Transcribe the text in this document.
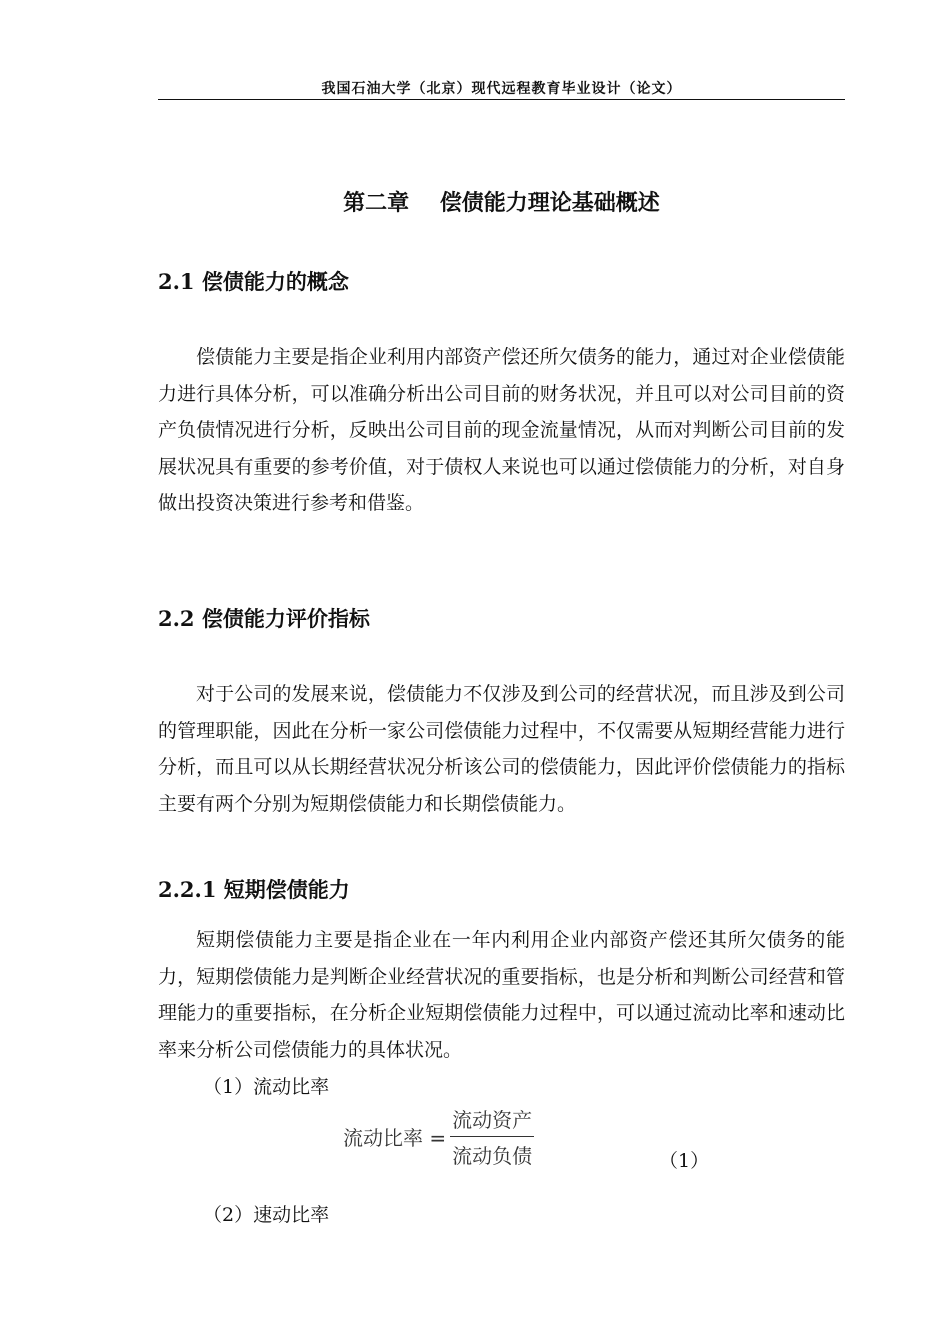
我国石油大学（北京）现代远程教育毕业设计（论文）
第二章    偿债能力理论基础概述
2.1 偿债能力的概念

偿债能力主要是指企业利用内部资产偿还所欠债务的能力，通过对企业偿债能力进行具体分析，可以准确分析出公司目前的财务状况，并且可以对公司目前的资产负债情况进行分析，反映出公司目前的现金流量情况，从而对判断公司目前的发展状况具有重要的参考价值，对于债权人来说也可以通过偿债能力的分析，对自身做出投资决策进行参考和借鉴。

2.2 偿债能力评价指标

对于公司的发展来说，偿债能力不仅涉及到公司的经营状况，而且涉及到公司的管理职能，因此在分析一家公司偿债能力过程中，不仅需要从短期经营能力进行分析，而且可以从长期经营状况分析该公司的偿债能力，因此评价偿债能力的指标主要有两个分别为短期偿债能力和长期偿债能力。

2.2.1 短期偿债能力

短期偿债能力主要是指企业在一年内利用企业内部资产偿还其所欠债务的能力，短期偿债能力是判断企业经营状况的重要指标，也是分析和判断公司经营和管理能力的重要指标，在分析企业短期偿债能力过程中，可以通过流动比率和速动比率来分析公司偿债能力的具体状况。

（1）流动比率
流动比率 = $\frac{\text{流动资产}}{\text{流动负债}}$	（1）
（2）速动比率
